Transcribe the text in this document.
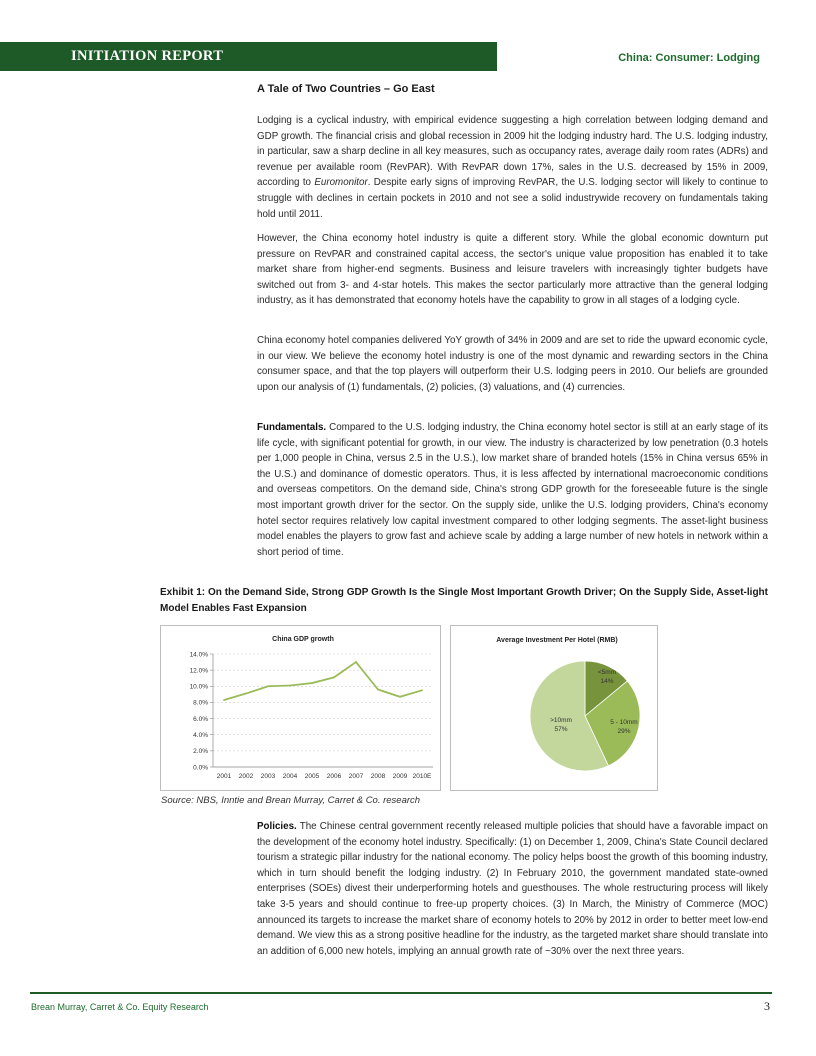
INITIATION REPORT	China: Consumer: Lodging
A Tale of Two Countries – Go East

Lodging is a cyclical industry, with empirical evidence suggesting a high correlation between lodging demand and GDP growth. The financial crisis and global recession in 2009 hit the lodging industry hard. The U.S. lodging industry, in particular, saw a sharp decline in all key measures, such as occupancy rates, average daily room rates (ADRs) and revenue per available room (RevPAR). With RevPAR down 17%, sales in the U.S. decreased by 15% in 2009, according to Euromonitor. Despite early signs of improving RevPAR, the U.S. lodging sector will likely to continue to struggle with declines in certain pockets in 2010 and not see a solid industrywide recovery on fundamentals taking hold until 2011.

However, the China economy hotel industry is quite a different story. While the global economic downturn put pressure on RevPAR and constrained capital access, the sector's unique value proposition has enabled it to take market share from higher-end segments. Business and leisure travelers with increasingly tighter budgets have switched out from 3- and 4-star hotels. This makes the sector particularly more attractive than the general lodging industry, as it has demonstrated that economy hotels have the capability to grow in all stages of a lodging cycle.

China economy hotel companies delivered YoY growth of 34% in 2009 and are set to ride the upward economic cycle, in our view. We believe the economy hotel industry is one of the most dynamic and rewarding sectors in the China consumer space, and that the top players will outperform their U.S. lodging peers in 2010. Our beliefs are grounded upon our analysis of (1) fundamentals, (2) policies, (3) valuations, and (4) currencies.

Fundamentals. Compared to the U.S. lodging industry, the China economy hotel sector is still at an early stage of its life cycle, with significant potential for growth, in our view. The industry is characterized by low penetration (0.3 hotels per 1,000 people in China, versus 2.5 in the U.S.), low market share of branded hotels (15% in China versus 65% in the U.S.) and dominance of domestic operators. Thus, it is less affected by international macroeconomic conditions and overseas competitors. On the demand side, China's strong GDP growth for the foreseeable future is the single most important growth driver for the sector. On the supply side, unlike the U.S. lodging providers, China's economy hotel sector requires relatively low capital investment compared to other lodging segments. The asset-light business model enables the players to grow fast and achieve scale by adding a large number of new hotels in network within a short period of time.

Exhibit 1: On the Demand Side, Strong GDP Growth Is the Single Most Important Growth Driver; On the Supply Side, Asset-light Model Enables Fast Expansion

China GDP growth
0.0%
2.0%
4.0%
6.0%
8.0%
10.0%
12.0%
14.0%
2001 2002 2003 2004 2005 2006 2007 2008 2009 2010E
Average Investment Per Hotel (RMB)
<5mm
14%
5 - 10mm
29%
>10mm
57%
Source: NBS, Inntie and Brean Murray, Carret & Co. research

Policies. The Chinese central government recently released multiple policies that should have a favorable impact on the development of the economy hotel industry. Specifically: (1) on December 1, 2009, China's State Council declared tourism a strategic pillar industry for the national economy. The policy helps boost the growth of this booming industry, which in turn should benefit the lodging industry. (2) In February 2010, the government mandated state-owned enterprises (SOEs) divest their underperforming hotels and guesthouses. The whole restructuring process will likely take 3-5 years and should continue to free-up property choices. (3) In March, the Ministry of Commerce (MOC) announced its targets to increase the market share of economy hotels to 20% by 2012 in order to better meet low-end demand. We view this as a strong positive headline for the industry, as the targeted market share should translate into an addition of 6,000 new hotels, implying an annual growth rate of ~30% over the next three years.

Brean Murray, Carret & Co. Equity Research	3
